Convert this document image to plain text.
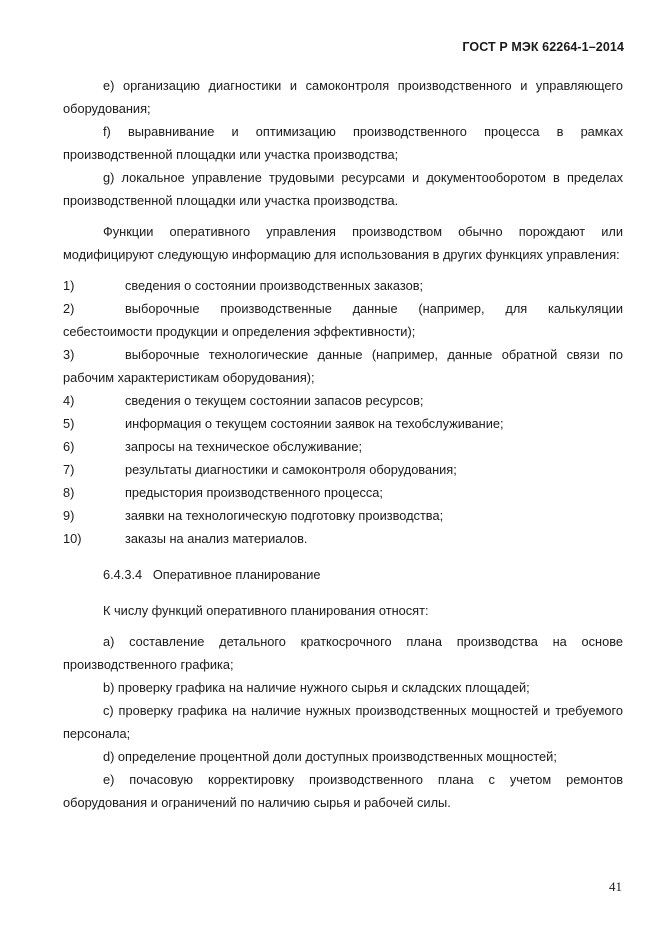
ГОСТ Р МЭК 62264-1–2014

e) организацию диагностики и самоконтроля производственного и управляющего оборудования;

f) выравнивание и оптимизацию производственного процесса в рамках производственной площадки или участка производства;

g) локальное управление трудовыми ресурсами и документооборотом в пределах производственной площадки или участка производства.

Функции оперативного управления производством обычно порождают или модифицируют следующую информацию для использования в других функциях управления:

1)	сведения о состоянии производственных заказов;

2)	выборочные производственные данные (например, для калькуляции себестоимости продукции и определения эффективности);

3)	выборочные технологические данные (например, данные обратной связи по рабочим характеристикам оборудования);

4)	сведения о текущем состоянии запасов ресурсов;

5)	информация о текущем состоянии заявок на техобслуживание;

6)	запросы на техническое обслуживание;

7)	результаты диагностики и самоконтроля оборудования;

8)	предыстория производственного процесса;

9)	заявки на технологическую подготовку производства;

10)	заказы на анализ материалов.

6.4.3.4 Оперативное планирование

К числу функций оперативного планирования относят:

a) составление детального краткосрочного плана производства на основе производственного графика;

b) проверку графика на наличие нужного сырья и складских площадей;

c) проверку графика на наличие нужных производственных мощностей и требуемого персонала;

d) определение процентной доли доступных производственных мощностей;

e) почасовую корректировку производственного плана с учетом ремонтов оборудования и ограничений по наличию сырья и рабочей силы.

41
